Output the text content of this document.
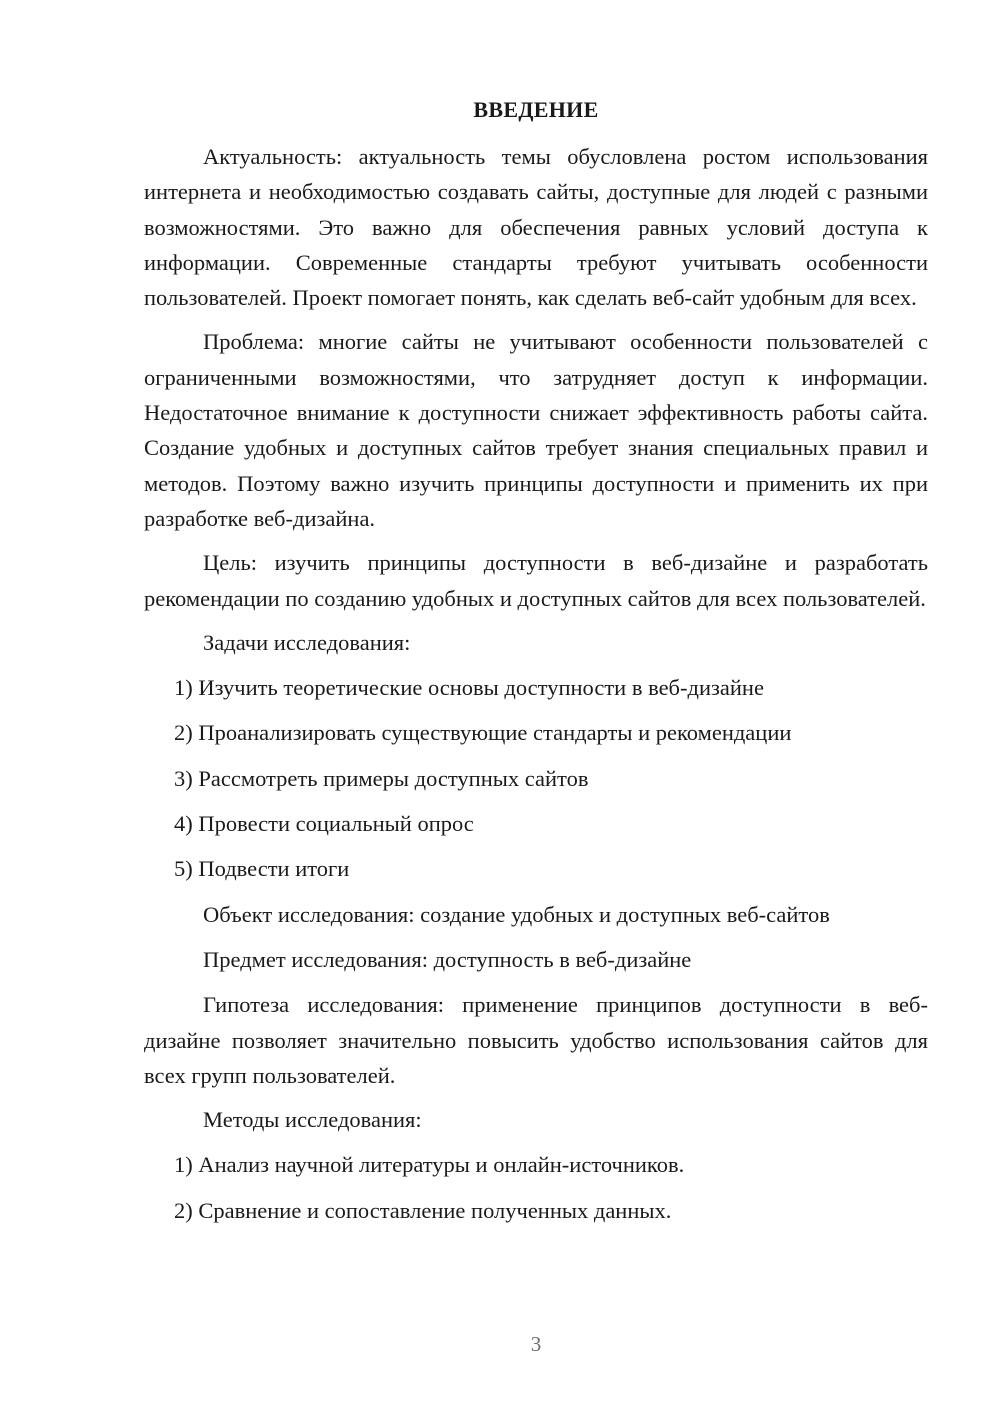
ВВЕДЕНИЕ

Актуальность: актуальность темы обусловлена ростом использования интернета и необходимостью создавать сайты, доступные для людей с разными возможностями. Это важно для обеспечения равных условий доступа к информации. Современные стандарты требуют учитывать особенности пользователей. Проект помогает понять, как сделать веб-сайт удобным для всех.

Проблема: многие сайты не учитывают особенности пользователей с ограниченными возможностями, что затрудняет доступ к информации. Недостаточное внимание к доступности снижает эффективность работы сайта. Создание удобных и доступных сайтов требует знания специальных правил и методов. Поэтому важно изучить принципы доступности и применить их при разработке веб-дизайна.

Цель: изучить принципы доступности в веб-дизайне и разработать рекомендации по созданию удобных и доступных сайтов для всех пользователей.

Задачи исследования:

1) Изучить теоретические основы доступности в веб-дизайне

2) Проанализировать существующие стандарты и рекомендации

3) Рассмотреть примеры доступных сайтов

4) Провести социальный опрос

5) Подвести итоги

Объект исследования: создание удобных и доступных веб-сайтов

Предмет исследования: доступность в веб-дизайне

Гипотеза исследования: применение принципов доступности в веб-дизайне позволяет значительно повысить удобство использования сайтов для всех групп пользователей.

Методы исследования:

1) Анализ научной литературы и онлайн-источников.

2) Сравнение и сопоставление полученных данных.

3
